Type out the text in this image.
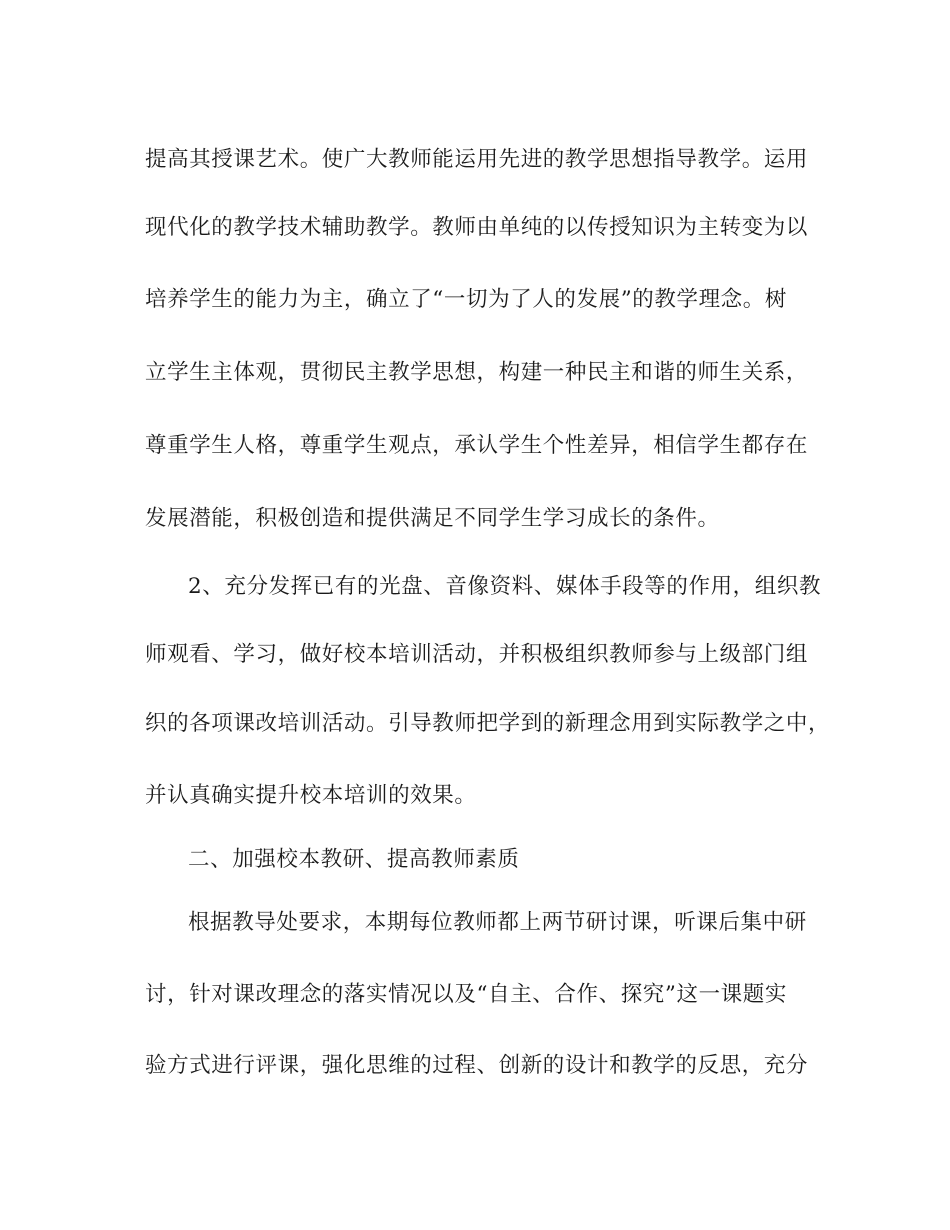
提高其授课艺术。使广大教师能运用先进的教学思想指导教学。运用
现代化的教学技术辅助教学。教师由单纯的以传授知识为主转变为以
培养学生的能力为主，确立了“一切为了人的发展”的教学理念。树
立学生主体观，贯彻民主教学思想，构建一种民主和谐的师生关系，
尊重学生人格，尊重学生观点，承认学生个性差异，相信学生都存在
发展潜能，积极创造和提供满足不同学生学习成长的条件。
2、充分发挥已有的光盘、音像资料、媒体手段等的作用，组织教
师观看、学习，做好校本培训活动，并积极组织教师参与上级部门组
织的各项课改培训活动。引导教师把学到的新理念用到实际教学之中，
并认真确实提升校本培训的效果。
二、加强校本教研、提高教师素质
根据教导处要求，本期每位教师都上两节研讨课，听课后集中研
讨，针对课改理念的落实情况以及“自主、合作、探究”这一课题实
验方式进行评课，强化思维的过程、创新的设计和教学的反思，充分
